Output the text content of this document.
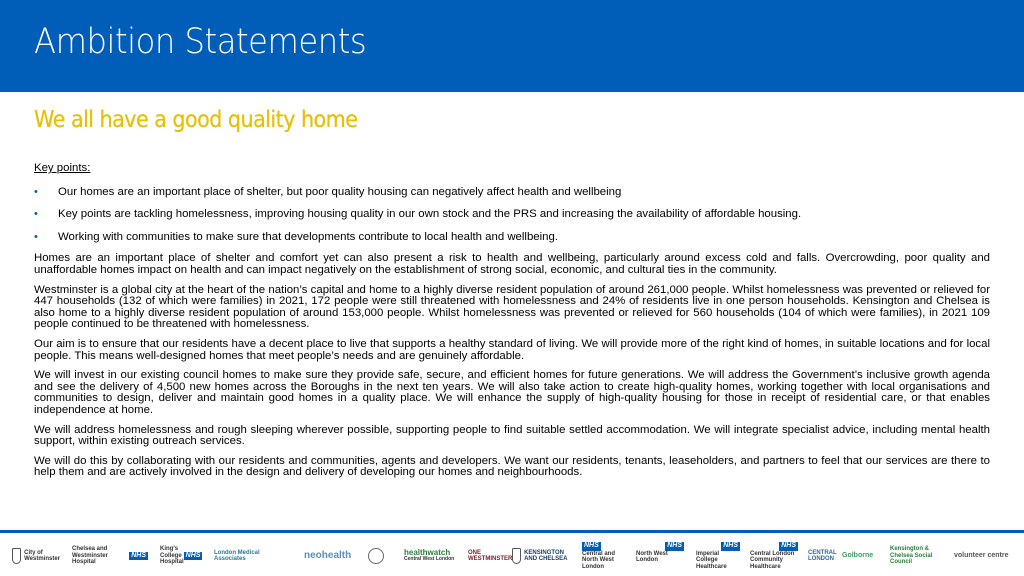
Ambition Statements
We all have a good quality home
Key points:
• Our homes are an important place of shelter, but poor quality housing can negatively affect health and wellbeing
• Key points are tackling homelessness, improving housing quality in our own stock and the PRS and increasing the availability of affordable housing.
• Working with communities to make sure that developments contribute to local health and wellbeing.

Homes are an important place of shelter and comfort yet can also present a risk to health and wellbeing, particularly around excess cold and falls. Overcrowding, poor quality and unaffordable homes impact on health and can impact negatively on the establishment of strong social, economic, and cultural ties in the community.

Westminster is a global city at the heart of the nation’s capital and home to a highly diverse resident population of around 261,000 people. Whilst homelessness was prevented or relieved for 447 households (132 of which were families) in 2021, 172 people were still threatened with homelessness and 24% of residents live in one person households. Kensington and Chelsea is also home to a highly diverse resident population of around 153,000 people. Whilst homelessness was prevented or relieved for 560 households (104 of which were families), in 2021 109 people continued to be threatened with homelessness.

Our aim is to ensure that our residents have a decent place to live that supports a healthy standard of living. We will provide more of the right kind of homes, in suitable locations and for local people. This means well-designed homes that meet people’s needs and are genuinely affordable.

We will invest in our existing council homes to make sure they provide safe, secure, and efficient homes for future generations. We will address the Government’s inclusive growth agenda and see the delivery of 4,500 new homes across the Boroughs in the next ten years. We will also take action to create high-quality homes, working together with local organisations and communities to design, deliver and maintain good homes in a quality place. We will enhance the supply of high-quality housing for those in receipt of residential care, or that enables independence at home.

We will address homelessness and rough sleeping wherever possible, supporting people to find suitable settled accommodation. We will integrate specialist advice, including mental health support, within existing outreach services.

We will do this by collaborating with our residents and communities, agents and developers. We want our residents, tenants, leaseholders, and partners to feel that our services are there to help them and are actively involved in the design and delivery of developing our homes and neighbourhoods.

City of Westminster
Chelsea and Westminster Hospital
NHS
King's College Hospital
NHS	London Medical Associates	neohealth	healthwatch
Central West London
ONE WESTMINSTER
KENSINGTON AND CHELSEA
NHS
Central and North West London
NHS
North West London
NHS
Imperial College Healthcare
NHS
Central London Community Healthcare
CENTRAL LONDON
Golborne
Kensington & Chelsea Social Council
volunteer centre
